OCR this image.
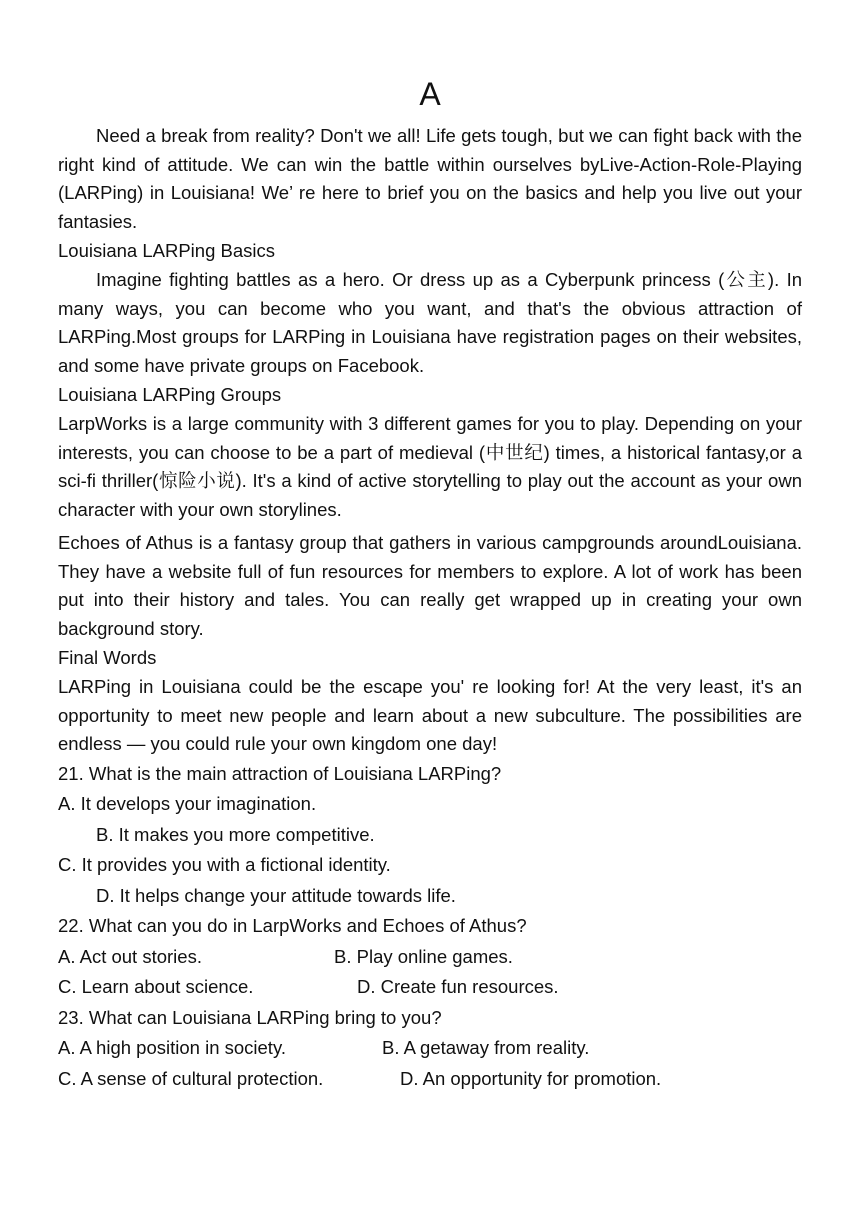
A

Need a break from reality? Don't we all! Life gets tough, but we can fight back with the right kind of attitude. We can win the battle within ourselves byLive-Action-Role-Playing (LARPing) in Louisiana! We’ re here to brief you on the basics and help you live out your fantasies.

Louisiana LARPing Basics

Imagine fighting battles as a hero. Or dress up as a Cyberpunk princess (公主). In many ways, you can become who you want, and that's the obvious attraction of LARPing.Most groups for LARPing in Louisiana have registration pages on their websites, and some have private groups on Facebook.

Louisiana LARPing Groups

LarpWorks is a large community with 3 different games for you to play. Depending on your interests, you can choose to be a part of medieval (中世纪) times, a historical fantasy,or a sci-fi thriller(惊险小说). It's a kind of active storytelling to play out the account as your own character with your own storylines.

Echoes of Athus is a fantasy group that gathers in various campgrounds aroundLouisiana. They have a website full of fun resources for members to explore. A lot of work has been put into their history and tales. You can really get wrapped up in creating your own background story.

Final Words

LARPing in Louisiana could be the escape you' re looking for! At the very least, it's an opportunity to meet new people and learn about a new subculture. The possibilities are endless — you could rule your own kingdom one day!

21. What is the main attraction of Louisiana LARPing?
A. It develops your imagination.
B. It makes you more competitive.
C. It provides you with a fictional identity.
D. It helps change your attitude towards life.
22. What can you do in LarpWorks and Echoes of Athus?
A. Act out stories.	B. Play online games.
C. Learn about science.	D. Create fun resources.
23. What can Louisiana LARPing bring to you?
A. A high position in society.	B. A getaway from reality.
C. A sense of cultural protection.	D. An opportunity for promotion.
